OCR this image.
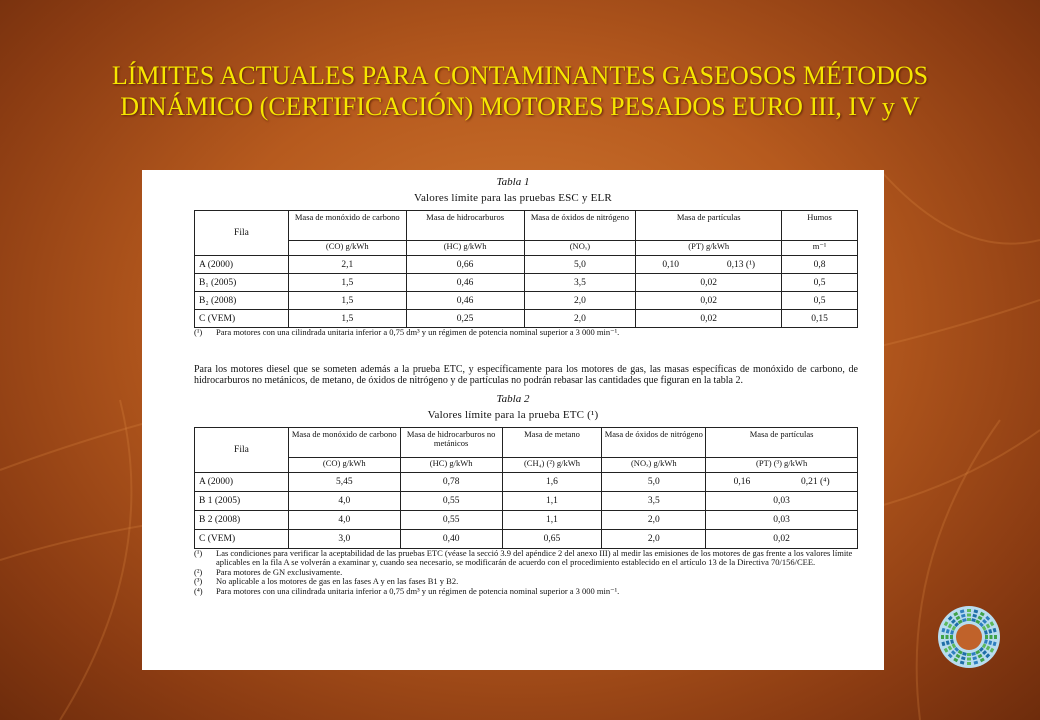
LÍMITES ACTUALES PARA CONTAMINANTES GASEOSOS MÉTODOS
DINÁMICO (CERTIFICACIÓN) MOTORES PESADOS EURO III, IV y V
Tabla 1
Valores límite para las pruebas ESC y ELR
Fila	Masa de monóxido de carbono	Masa de hidrocarburos	Masa de óxidos de nitrógeno	Masa de partículas	Humos
	(CO) g/kWh	(HC) g/kWh	(NOₓ)	(PT) g/kWh	m⁻¹
A (2000)	2,1	0,66	5,0	0,10 0,13 (¹)	0,8
B₁ (2005)	1,5	0,46	3,5	0,02	0,5
B₂ (2008)	1,5	0,46	2,0	0,02	0,5
C (VEM)	1,5	0,25	2,0	0,02	0,15
(¹)	Para motores con una cilindrada unitaria inferior a 0,75 dm³ y un régimen de potencia nominal superior a 3 000 min⁻¹.
Para los motores diesel que se someten además a la prueba ETC, y específicamente para los motores de gas, las masas específicas de monóxido de carbono, de hidrocarburos no metánicos, de metano, de óxidos de nitrógeno y de partículas no podrán rebasar las cantidades que figuran en la tabla 2.
Tabla 2
Valores límite para la prueba ETC (¹)
Fila	Masa de monóxido de carbono	Masa de hidrocarburos no metánicos	Masa de metano	Masa de óxidos de nitrógeno	Masa de partículas
	(CO) g/kWh	(HC) g/kWh	(CH₄) (²) g/kWh	(NOₓ) g/kWh	(PT) (³) g/kWh
A (2000)	5,45	0,78	1,6	5,0	0,16 0,21 (⁴)

B 1 (2005)	4,0	0,55	1,1	3,5	0,03
B 2 (2008)	4,0	0,55	1,1	2,0	0,03
C (VEM)	3,0	0,40	0,65	2,0	0,02
(¹)	Las condiciones para verificar la aceptabilidad de las pruebas ETC (véase la secció 3.9 del apéndice 2 del anexo III) al medir las emisiones de los motores de gas frente a los valores límite aplicables en la fila A se volverán a examinar y, cuando sea necesario, se modificarán de acuerdo con el procedimiento establecido en el artículo 13 de la Directiva 70/156/CEE.
(²)	Para motores de GN exclusivamente.
(³)	No aplicable a los motores de gas en las fases A y en las fases B1 y B2.
(⁴)	Para motores con una cilindrada unitaria inferior a 0,75 dm³ y un régimen de potencia nominal superior a 3 000 min⁻¹.
